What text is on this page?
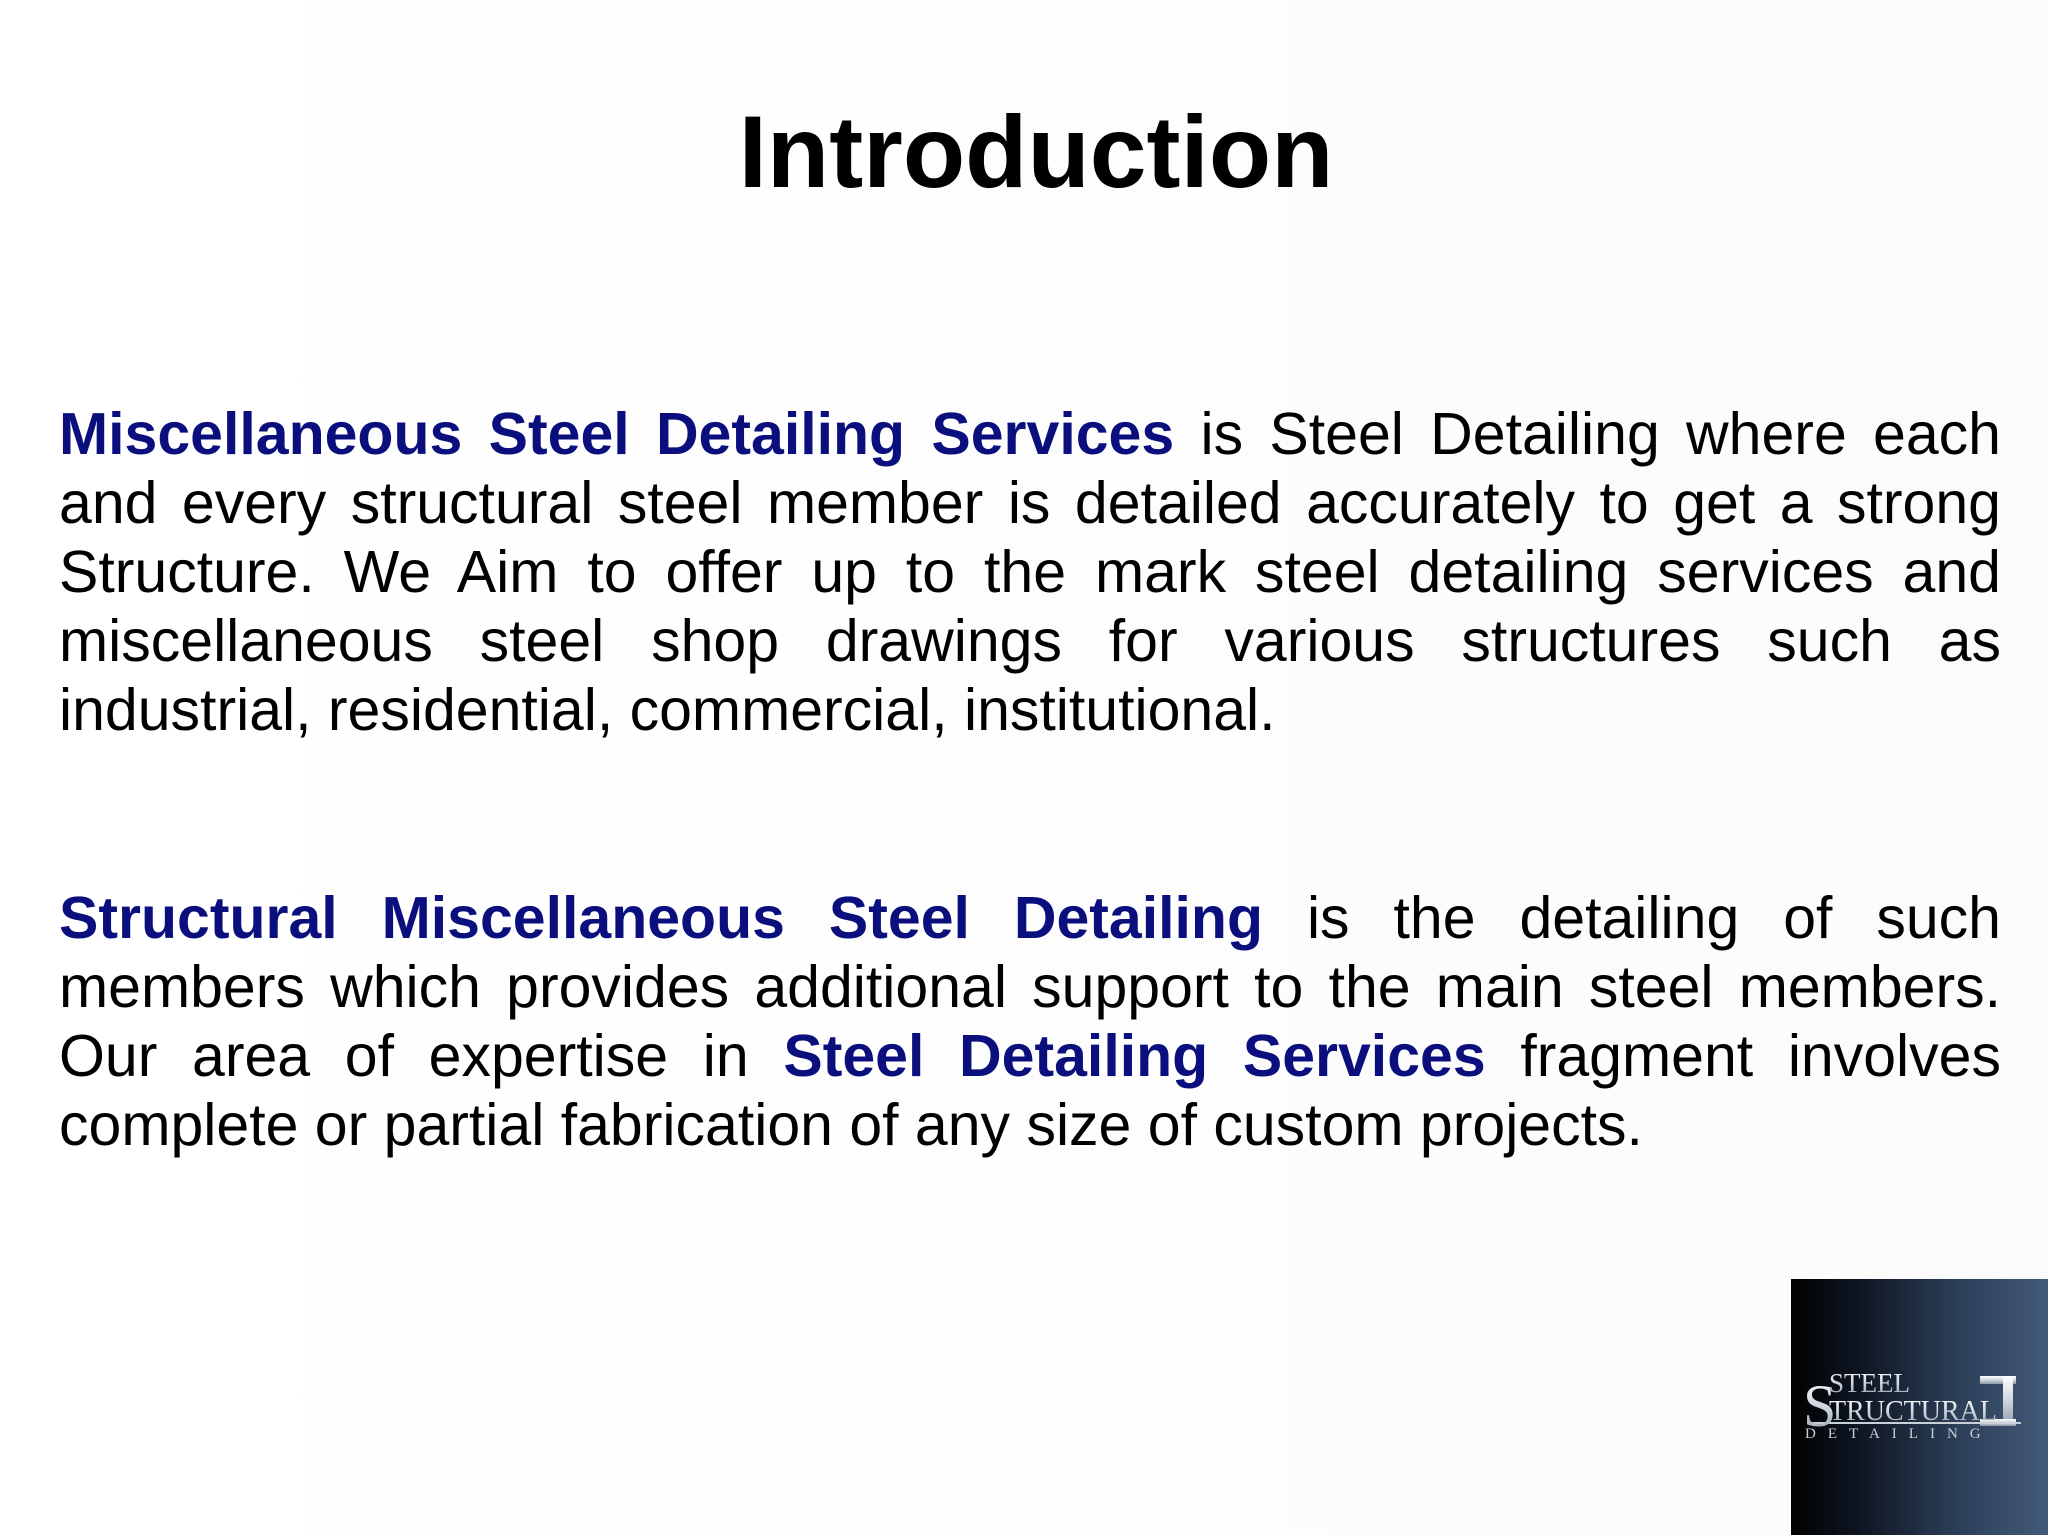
Introduction

Miscellaneous Steel Detailing Services is Steel Detailing where each and every structural steel member is detailed accurately to get a strong Structure. We Aim to offer up to the mark steel detailing services and miscellaneous steel shop drawings for various structures such as industrial, residential, commercial, institutional.

Structural Miscellaneous Steel Detailing is the detailing of such members which provides additional support to the main steel members. Our area of expertise in Steel Detailing Services fragment involves complete or partial fabrication of any size of custom projects.

S
STEEL
TRUCTURAL
DETAILING
